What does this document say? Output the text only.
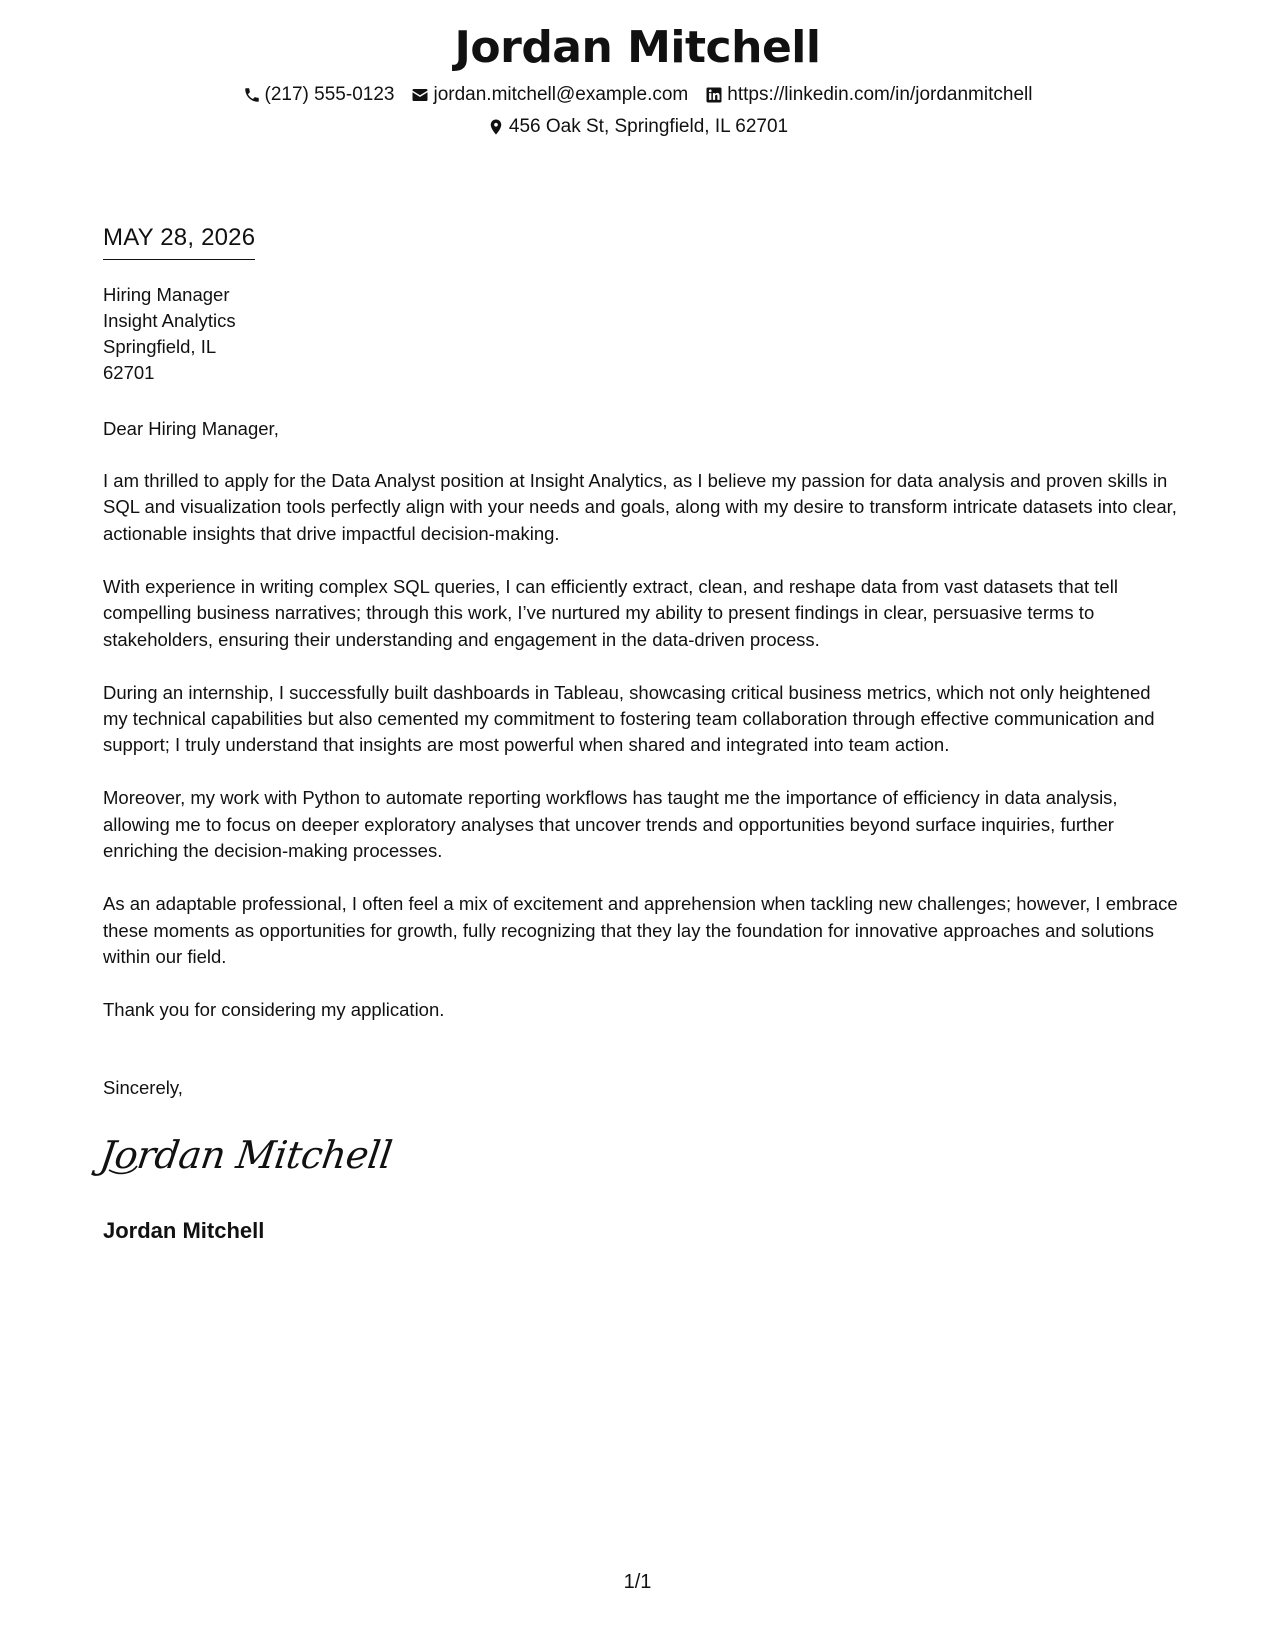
Jordan Mitchell
(217) 555-0123 jordan.mitchell@example.com https://linkedin.com/in/jordanmitchell
456 Oak St, Springfield, IL 62701
MAY 28, 2026
Hiring Manager
Insight Analytics
Springfield, IL
62701
Dear Hiring Manager,

I am thrilled to apply for the Data Analyst position at Insight Analytics, as I believe my passion for data analysis and proven skills in SQL and visualization tools perfectly align with your needs and goals, along with my desire to transform intricate datasets into clear, actionable insights that drive impactful decision-making.

With experience in writing complex SQL queries, I can efficiently extract, clean, and reshape data from vast datasets that tell compelling business narratives; through this work, I’ve nurtured my ability to present findings in clear, persuasive terms to stakeholders, ensuring their understanding and engagement in the data-driven process.

During an internship, I successfully built dashboards in Tableau, showcasing critical business metrics, which not only heightened my technical capabilities but also cemented my commitment to fostering team collaboration through effective communication and support; I truly understand that insights are most powerful when shared and integrated into team action.

Moreover, my work with Python to automate reporting workflows has taught me the importance of efficiency in data analysis, allowing me to focus on deeper exploratory analyses that uncover trends and opportunities beyond surface inquiries, further enriching the decision-making processes.

As an adaptable professional, I often feel a mix of excitement and apprehension when tackling new challenges; however, I embrace these moments as opportunities for growth, fully recognizing that they lay the foundation for innovative approaches and solutions within our field.

Thank you for considering my application.
Sincerely,
Jordan Mitchell
Jordan Mitchell
1/1
